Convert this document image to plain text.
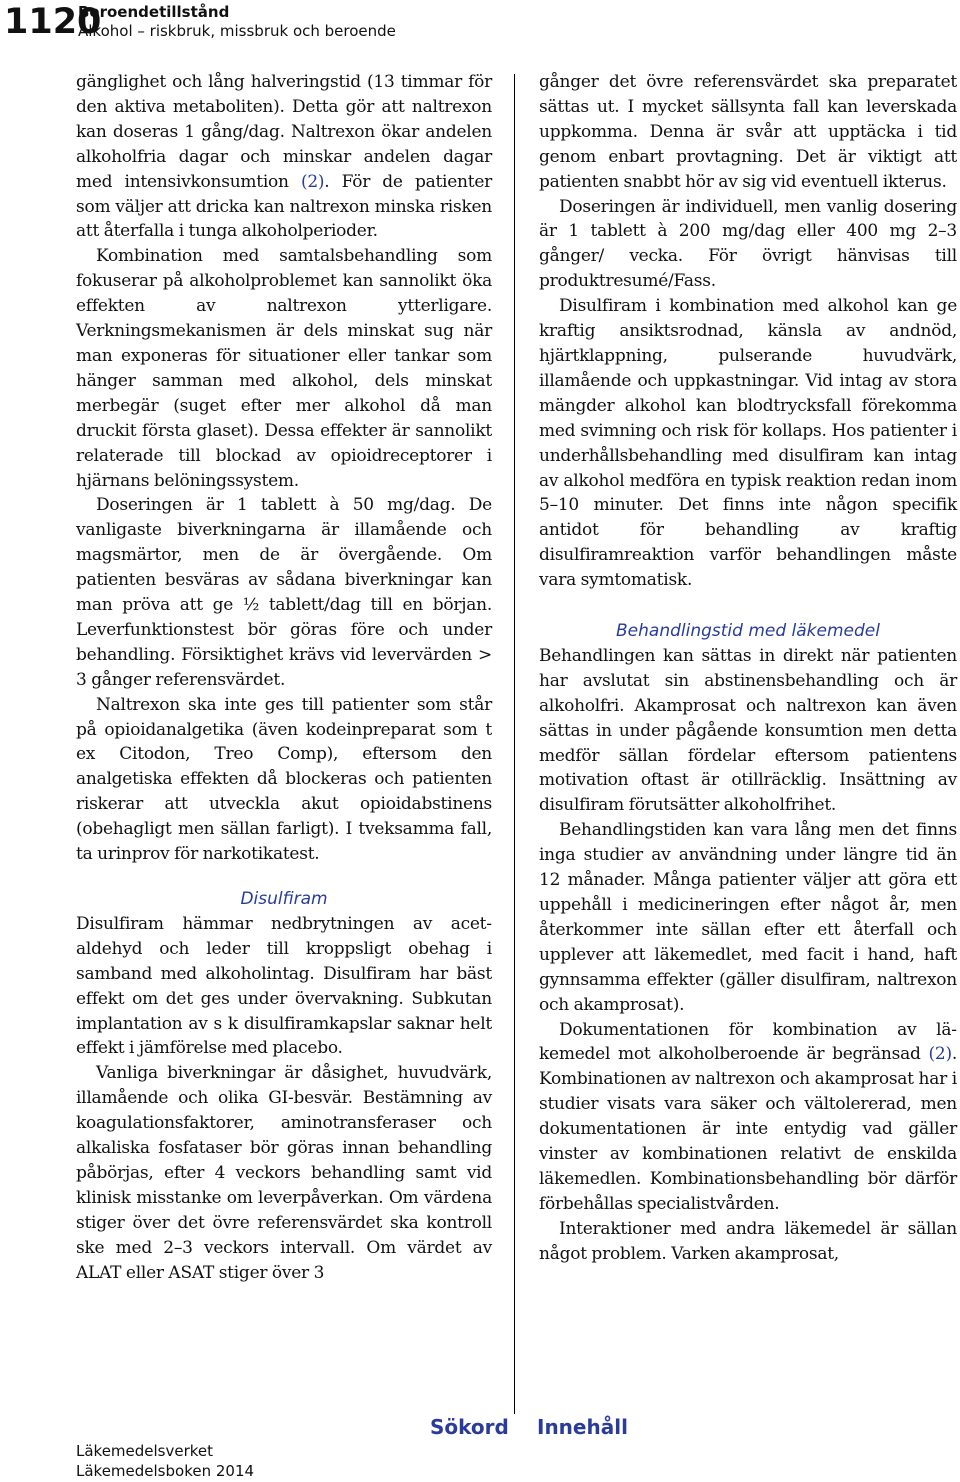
1120
Beroendetillstånd
Alkohol – riskbruk, missbruk och beroende

gänglighet och lång halveringstid (13 timmar för den aktiva metaboliten). Detta gör att naltrexon kan doseras 1 gång/dag. Naltrexon ökar andelen alkoholfria dagar och minskar andelen dagar med intensivkonsumtion (2). För de patienter som väljer att dricka kan naltrexon minska risken att återfalla i tunga alkoholperioder.

Kombination med samtalsbehandling som fokuserar på alkoholproblemet kan sannolikt öka effekten av naltrexon ytterligare. Verkningsmekanismen är dels minskat sug när man exponeras för situationer eller tankar som hänger samman med alkohol, dels minskat merbegär (suget efter mer alkohol då man druckit första glaset). Dessa effekter är sannolikt relaterade till blockad av opioidreceptorer i hjärnans belöningssystem.

Doseringen är 1 tablett à 50 mg/dag. De vanligaste biverkningarna är illamående och magsmärtor, men de är övergående. Om patienten besväras av sådana biverkningar kan man pröva att ge ½ tablett/dag till en början. Leverfunktionstest bör göras före och under behandling. Försiktighet krävs vid levervärden > 3 gånger referensvärdet.

Naltrexon ska inte ges till patienter som står på opioidanalgetika (även kodeinpreparat som t ex Citodon, Treo Comp), eftersom den analgetiska effekten då blockeras och patienten riskerar att utveckla akut opioidabstinens (obehagligt men sällan farligt). I tveksamma fall, ta urinprov för narkotikatest.

Disulfiram

Disulfiram hämmar nedbrytningen av acetaldehyd och leder till kroppsligt obehag i samband med alkoholintag. Disulfiram har bäst effekt om det ges under övervakning. Subkutan implantation av s k disulfiramkapslar saknar helt effekt i jämförelse med placebo.

Vanliga biverkningar är dåsighet, huvudvärk, illamående och olika GI-besvär. Bestämning av koagulationsfaktorer, aminotransferaser och alkaliska fosfataser bör göras innan behandling påbörjas, efter 4 veckors behandling samt vid klinisk misstanke om leverpåverkan. Om värdena stiger över det övre referensvärdet ska kontroll ske med 2–3 veckors intervall. Om värdet av ALAT eller ASAT stiger över 3

gånger det övre referensvärdet ska preparatet sättas ut. I mycket sällsynta fall kan leverskada uppkomma. Denna är svår att upptäcka i tid genom enbart provtagning. Det är viktigt att patienten snabbt hör av sig vid eventuell ikterus.

Doseringen är individuell, men vanlig dosering är 1 tablett à 200 mg/dag eller 400 mg 2–3 gånger/ vecka. För övrigt hänvisas till produktresumé/Fass.

Disulfiram i kombination med alkohol kan ge kraftig ansiktsrodnad, känsla av andnöd, hjärtklappning, pulserande huvudvärk, illamående och uppkastningar. Vid intag av stora mängder alkohol kan blodtrycksfall förekomma med svimning och risk för kollaps. Hos patienter i underhållsbehandling med disulfiram kan intag av alkohol medföra en typisk reaktion redan inom 5–10 minuter. Det finns inte någon specifik antidot för behandling av kraftig disulfiramreaktion varför behandlingen måste vara symtomatisk.

Behandlingstid med läkemedel

Behandlingen kan sättas in direkt när patienten har avslutat sin abstinensbehandling och är alkoholfri. Akamprosat och naltrexon kan även sättas in under pågående konsumtion men detta medför sällan fördelar eftersom patientens motivation oftast är otillräcklig. Insättning av disulfiram förutsätter alkoholfrihet.

Behandlingstiden kan vara lång men det finns inga studier av användning under längre tid än 12 månader. Många patienter väljer att göra ett uppehåll i medicineringen efter något år, men återkommer inte sällan efter ett återfall och upplever att läkemedlet, med facit i hand, haft gynnsamma effekter (gäller disulfiram, naltrexon och akamprosat).

Dokumentationen för kombination av läkemedel mot alkoholberoende är begränsad (2). Kombinationen av naltrexon och akamprosat har i studier visats vara säker och vältolererad, men dokumentationen är inte entydig vad gäller vinster av kombinationen relativt de enskilda läkemedlen. Kombinationsbehandling bör därför förbehållas specialistvården.

Interaktioner med andra läkemedel är sällan något problem. Varken akamprosat,

Sökord Innehåll
Läkemedelsverket
Läkemedelsboken 2014
